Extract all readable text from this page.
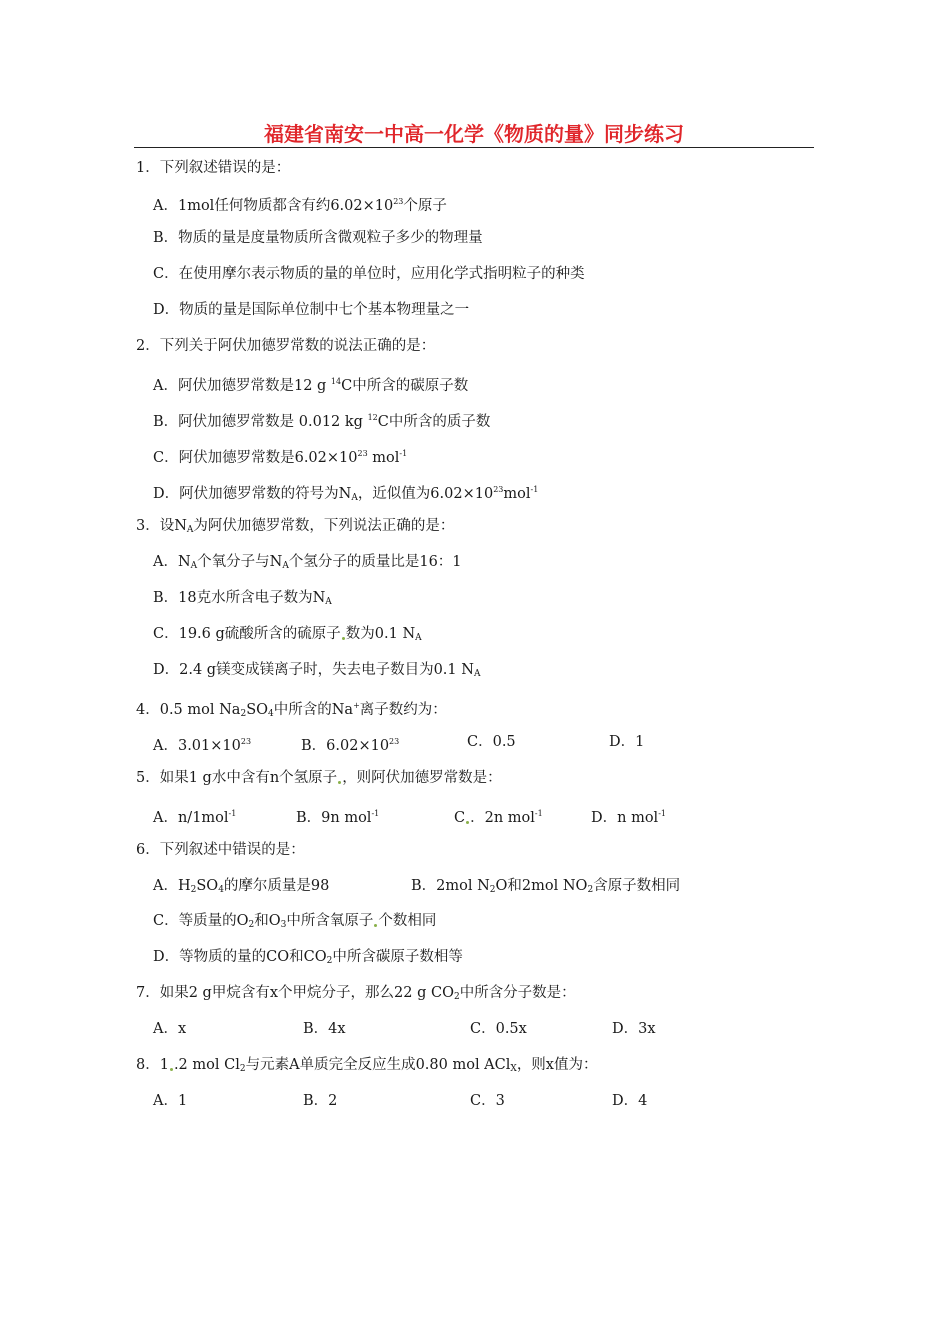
福建省南安一中高一化学《物质的量》同步练习
1．下列叙述错误的是：
A．1mol任何物质都含有约$6.02\times 10^{23}$个原子
B．物质的量是度量物质所含微观粒子多少的物理量
C．在使用摩尔表示物质的量的单位时，应用化学式指明粒子的种类
D．物质的量是国际单位制中七个基本物理量之一
2．下列关于阿伏加德罗常数的说法正确的是：
A．阿伏加德罗常数是12 g $^{14}$C中所含的碳原子数
B．阿伏加德罗常数是 0.012 kg $^{12}$C中所含的质子数
C．阿伏加德罗常数是$6.02\times 10^{23}$ mol$^{-1}$
D．阿伏加德罗常数的符号为$N_A$，近似值为$6.02\times 10^{23}mol^{-1}$
3．设$N_A$为阿伏加德罗常数，下列说法正确的是：
A．$N_A$个氧分子与$N_A$个氢分子的质量比是16：1
B．18克水所含电子数为$N_A$
C．19.6 g硫酸所含的硫原子 数为0.1 $N_A$
D．2.4 g镁变成镁离子时，失去电子数目为0.1 $N_A$
4．0.5 mol $Na_2SO_4$中所含的Na+离子数约为：
A．$3.01\times 10^{23}$	B．$6.02\times 10^{23}$	C．0.5	D．1
5．如果1 g水中含有n个氢原子 ，则阿伏加德罗常数是：
A．n/1mol$^{-1}$	B．9n mol$^{-1}$	C ．2n mol$^{-1}$	D．n mol$^{-1}$
6．下列叙述中错误的是：
A．$H_2SO_4$的摩尔质量是98	B．2mol $N_2O$和2mol $NO_2$含原子数相同
C．等质量的$O_2$和$O_3$中所含氧原子 个数相同
D．等物质的量的CO和$CO_2$中所含碳原子数相等
7．如果2 g甲烷含有x个甲烷分子，那么22 g $CO_2$中所含分子数是：
A．x	B．4x	C．0.5x	D．3x
8．1 .2 mol $Cl_2$与元素A单质完全反应生成0.80 mol ACl$_X$，则x值为：
A．1	B．2	C．3	D．4
